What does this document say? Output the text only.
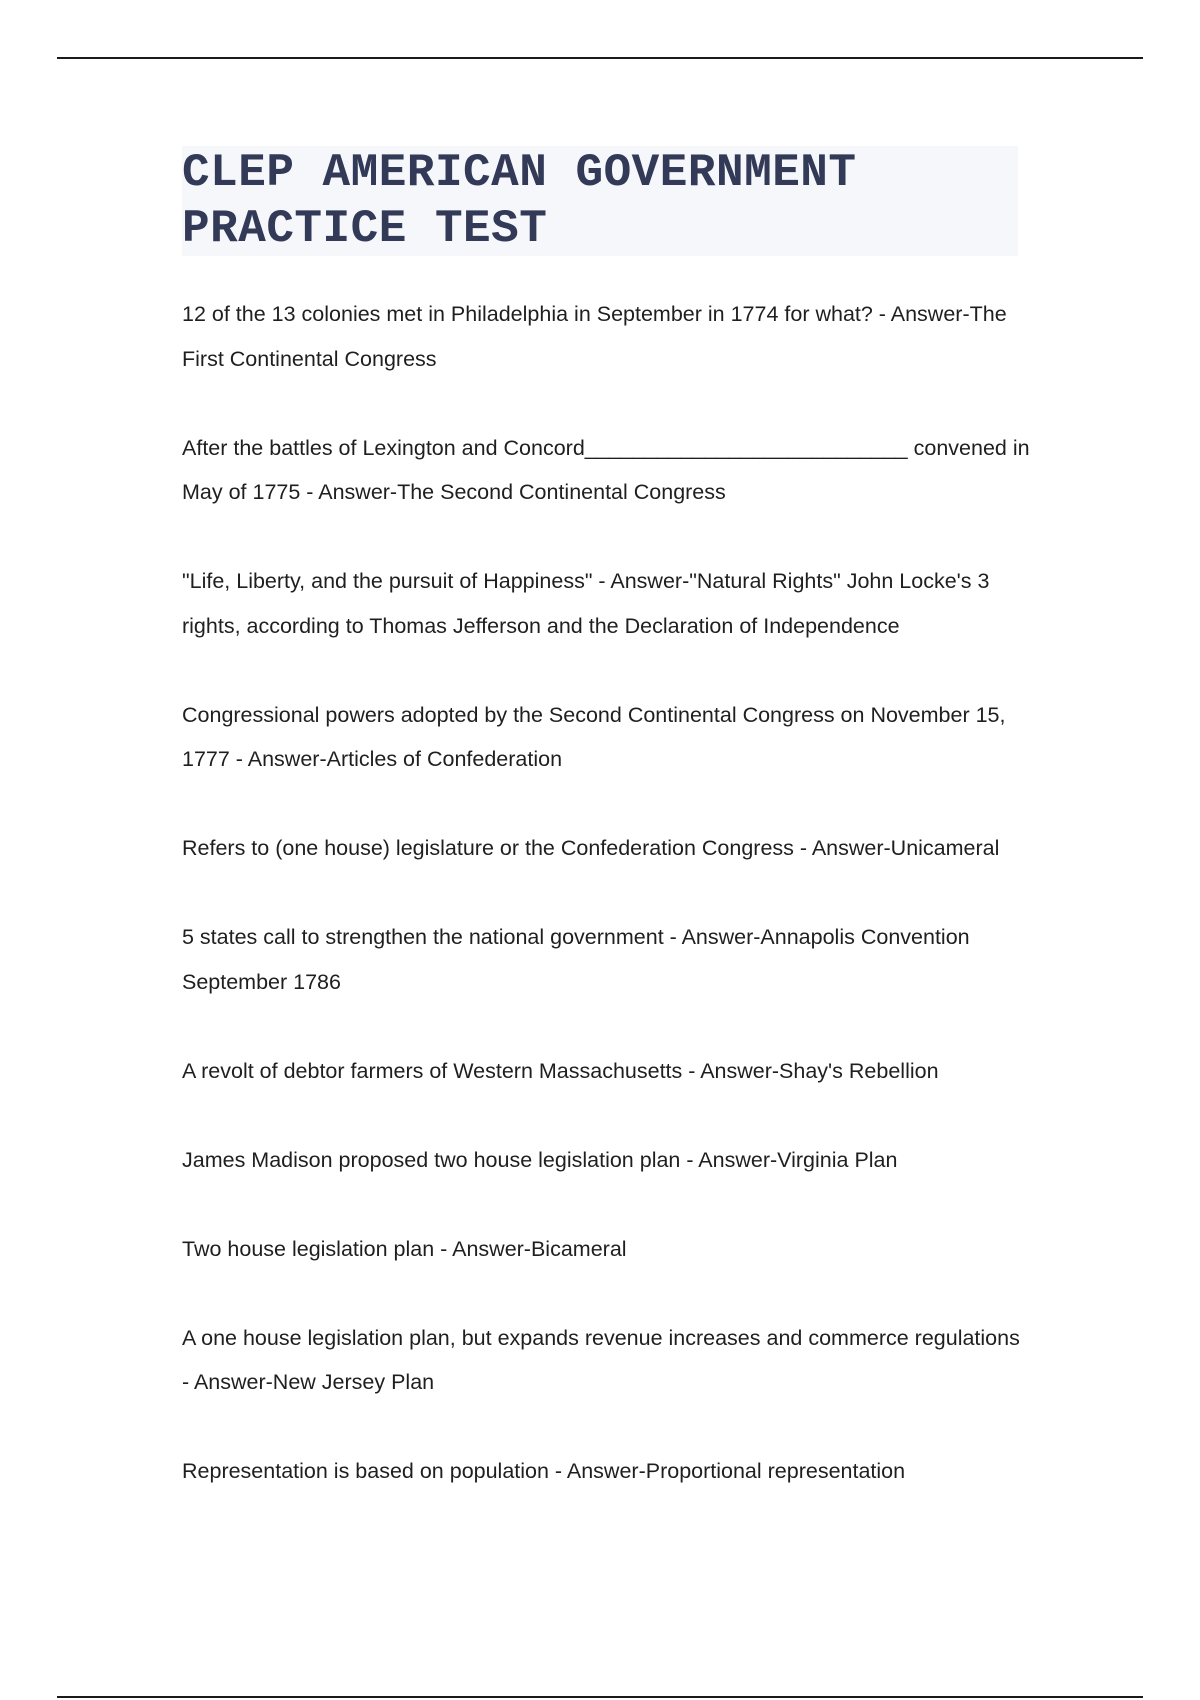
CLEP AMERICAN GOVERNMENT PRACTICE TEST
12 of the 13 colonies met in Philadelphia in September in 1774 for what? - Answer-The First Continental Congress
After the battles of Lexington and Concord___________________________ convened in May of 1775 - Answer-The Second Continental Congress
"Life, Liberty, and the pursuit of Happiness" - Answer-"Natural Rights" John Locke's 3 rights, according to Thomas Jefferson and the Declaration of Independence
Congressional powers adopted by the Second Continental Congress on November 15, 1777 - Answer-Articles of Confederation
Refers to (one house) legislature or the Confederation Congress - Answer-Unicameral
5 states call to strengthen the national government - Answer-Annapolis Convention September 1786
A revolt of debtor farmers of Western Massachusetts - Answer-Shay's Rebellion
James Madison proposed two house legislation plan - Answer-Virginia Plan
Two house legislation plan - Answer-Bicameral
A one house legislation plan, but expands revenue increases and commerce regulations - Answer-New Jersey Plan
Representation is based on population - Answer-Proportional representation
